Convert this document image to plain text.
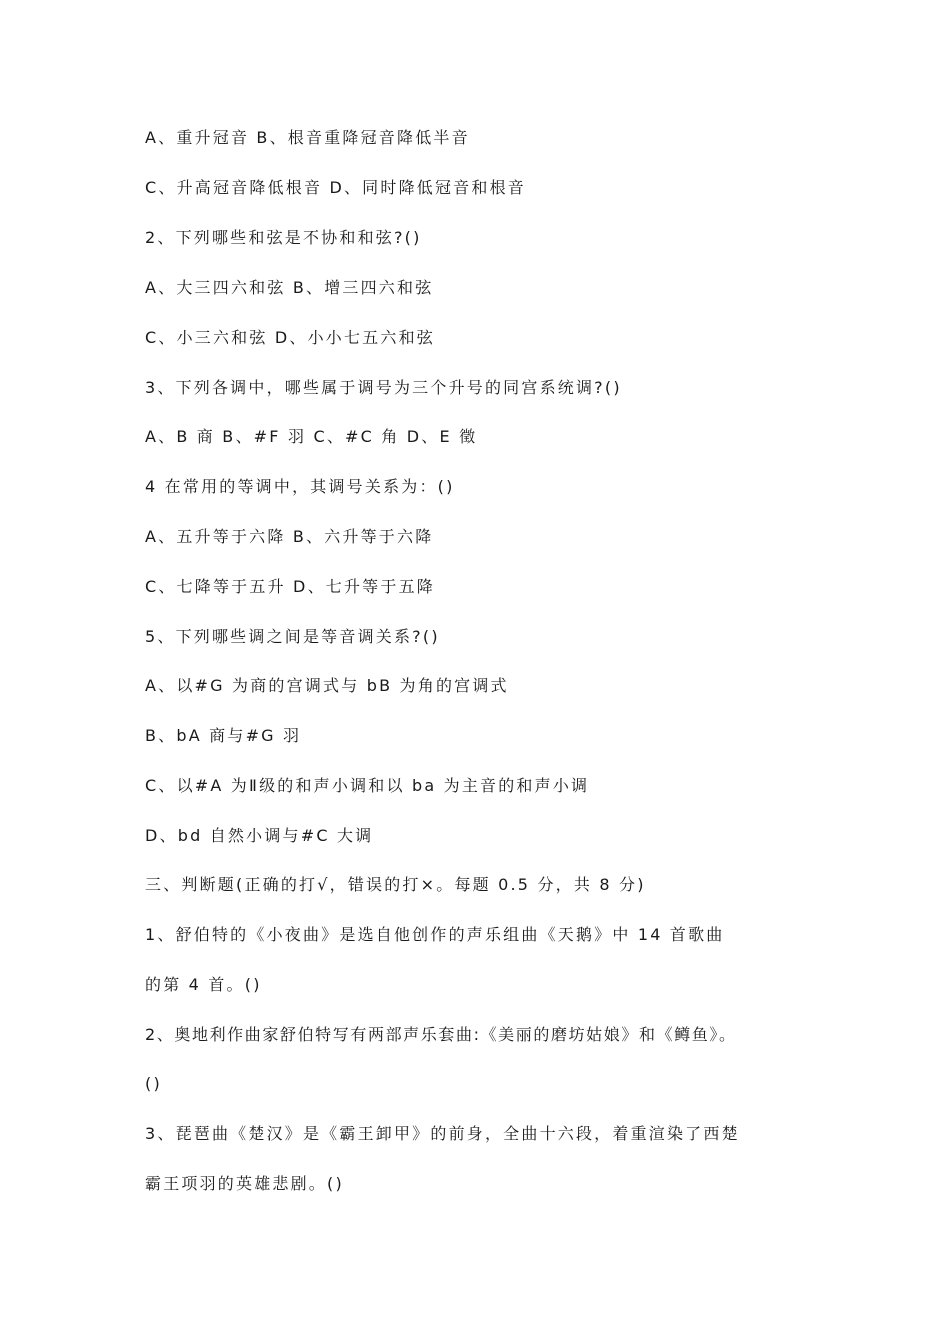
A、重升冠音 B、根音重降冠音降低半音
C、升高冠音降低根音 D、同时降低冠音和根音
2、下列哪些和弦是不协和和弦?()
A、大三四六和弦 B、增三四六和弦
C、小三六和弦 D、小小七五六和弦
3、下列各调中，哪些属于调号为三个升号的同宫系统调?()
A、B 商 B、#F 羽 C、#C 角 D、E 徵
4 在常用的等调中，其调号关系为：()
A、五升等于六降 B、六升等于六降
C、七降等于五升 D、七升等于五降
5、下列哪些调之间是等音调关系?()
A、以#G 为商的宫调式与 bB 为角的宫调式
B、bA 商与#G 羽
C、以#A 为Ⅱ级的和声小调和以 ba 为主音的和声小调
D、bd 自然小调与#C 大调
三、判断题(正确的打√，错误的打×。每题 0.5 分，共 8 分)
1、舒伯特的《小夜曲》是选自他创作的声乐组曲《天鹅》中 14 首歌曲
的第 4 首。()
2、奥地利作曲家舒伯特写有两部声乐套曲:《美丽的磨坊姑娘》和《鳟鱼》。
()
3、琵琶曲《楚汉》是《霸王卸甲》的前身，全曲十六段，着重渲染了西楚
霸王项羽的英雄悲剧。()
